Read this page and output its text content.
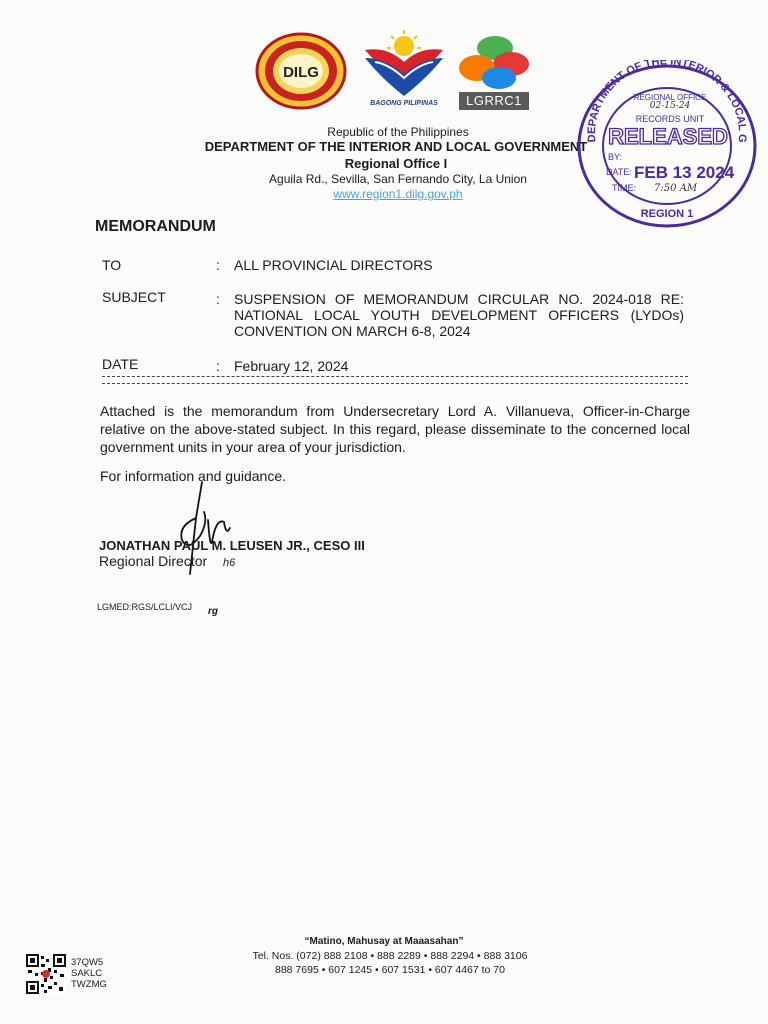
DILG
BAGONG PILIPINAS	LGRRC1
Republic of the Philippines
DEPARTMENT OF THE INTERIOR AND LOCAL GOVERNMENT
Regional Office I
Aguila Rd., Sevilla, San Fernando City, La Union
www.region1.dilg.gov.ph
DEPARTMENT OF THE INTERIOR & LOCAL G
REGIONAL OFFICE
02-15-24
RECORDS UNIT
RELEASED
BY:
DATE: FEB 13 2024
TIME: 7:50 AM
REGION 1
MEMORANDUM
TO	: ALL PROVINCIAL DIRECTORS
SUBJECT	: SUSPENSION OF MEMORANDUM CIRCULAR NO. 2024-018 RE: NATIONAL LOCAL YOUTH DEVELOPMENT OFFICERS (LYDOs) CONVENTION ON MARCH 6-8, 2024
DATE	: February 12, 2024
Attached is the memorandum from Undersecretary Lord A. Villanueva, Officer-in-Charge relative on the above-stated subject. In this regard, please disseminate to the concerned local government units in your area of your jurisdiction.
For information and guidance.
JONATHAN PAUL M. LEUSEN JR., CESO III
Regional Director h6
LGMED:RGS/LCLI/VCJ rg
“Matino, Mahusay at Maaasahan”
Tel. Nos. (072) 888 2108 • 888 2289 • 888 2294 • 888 3106
888 7695 • 607 1245 • 607 1531 • 607 4467 to 70
37QW5
SAKLC
TWZMG
